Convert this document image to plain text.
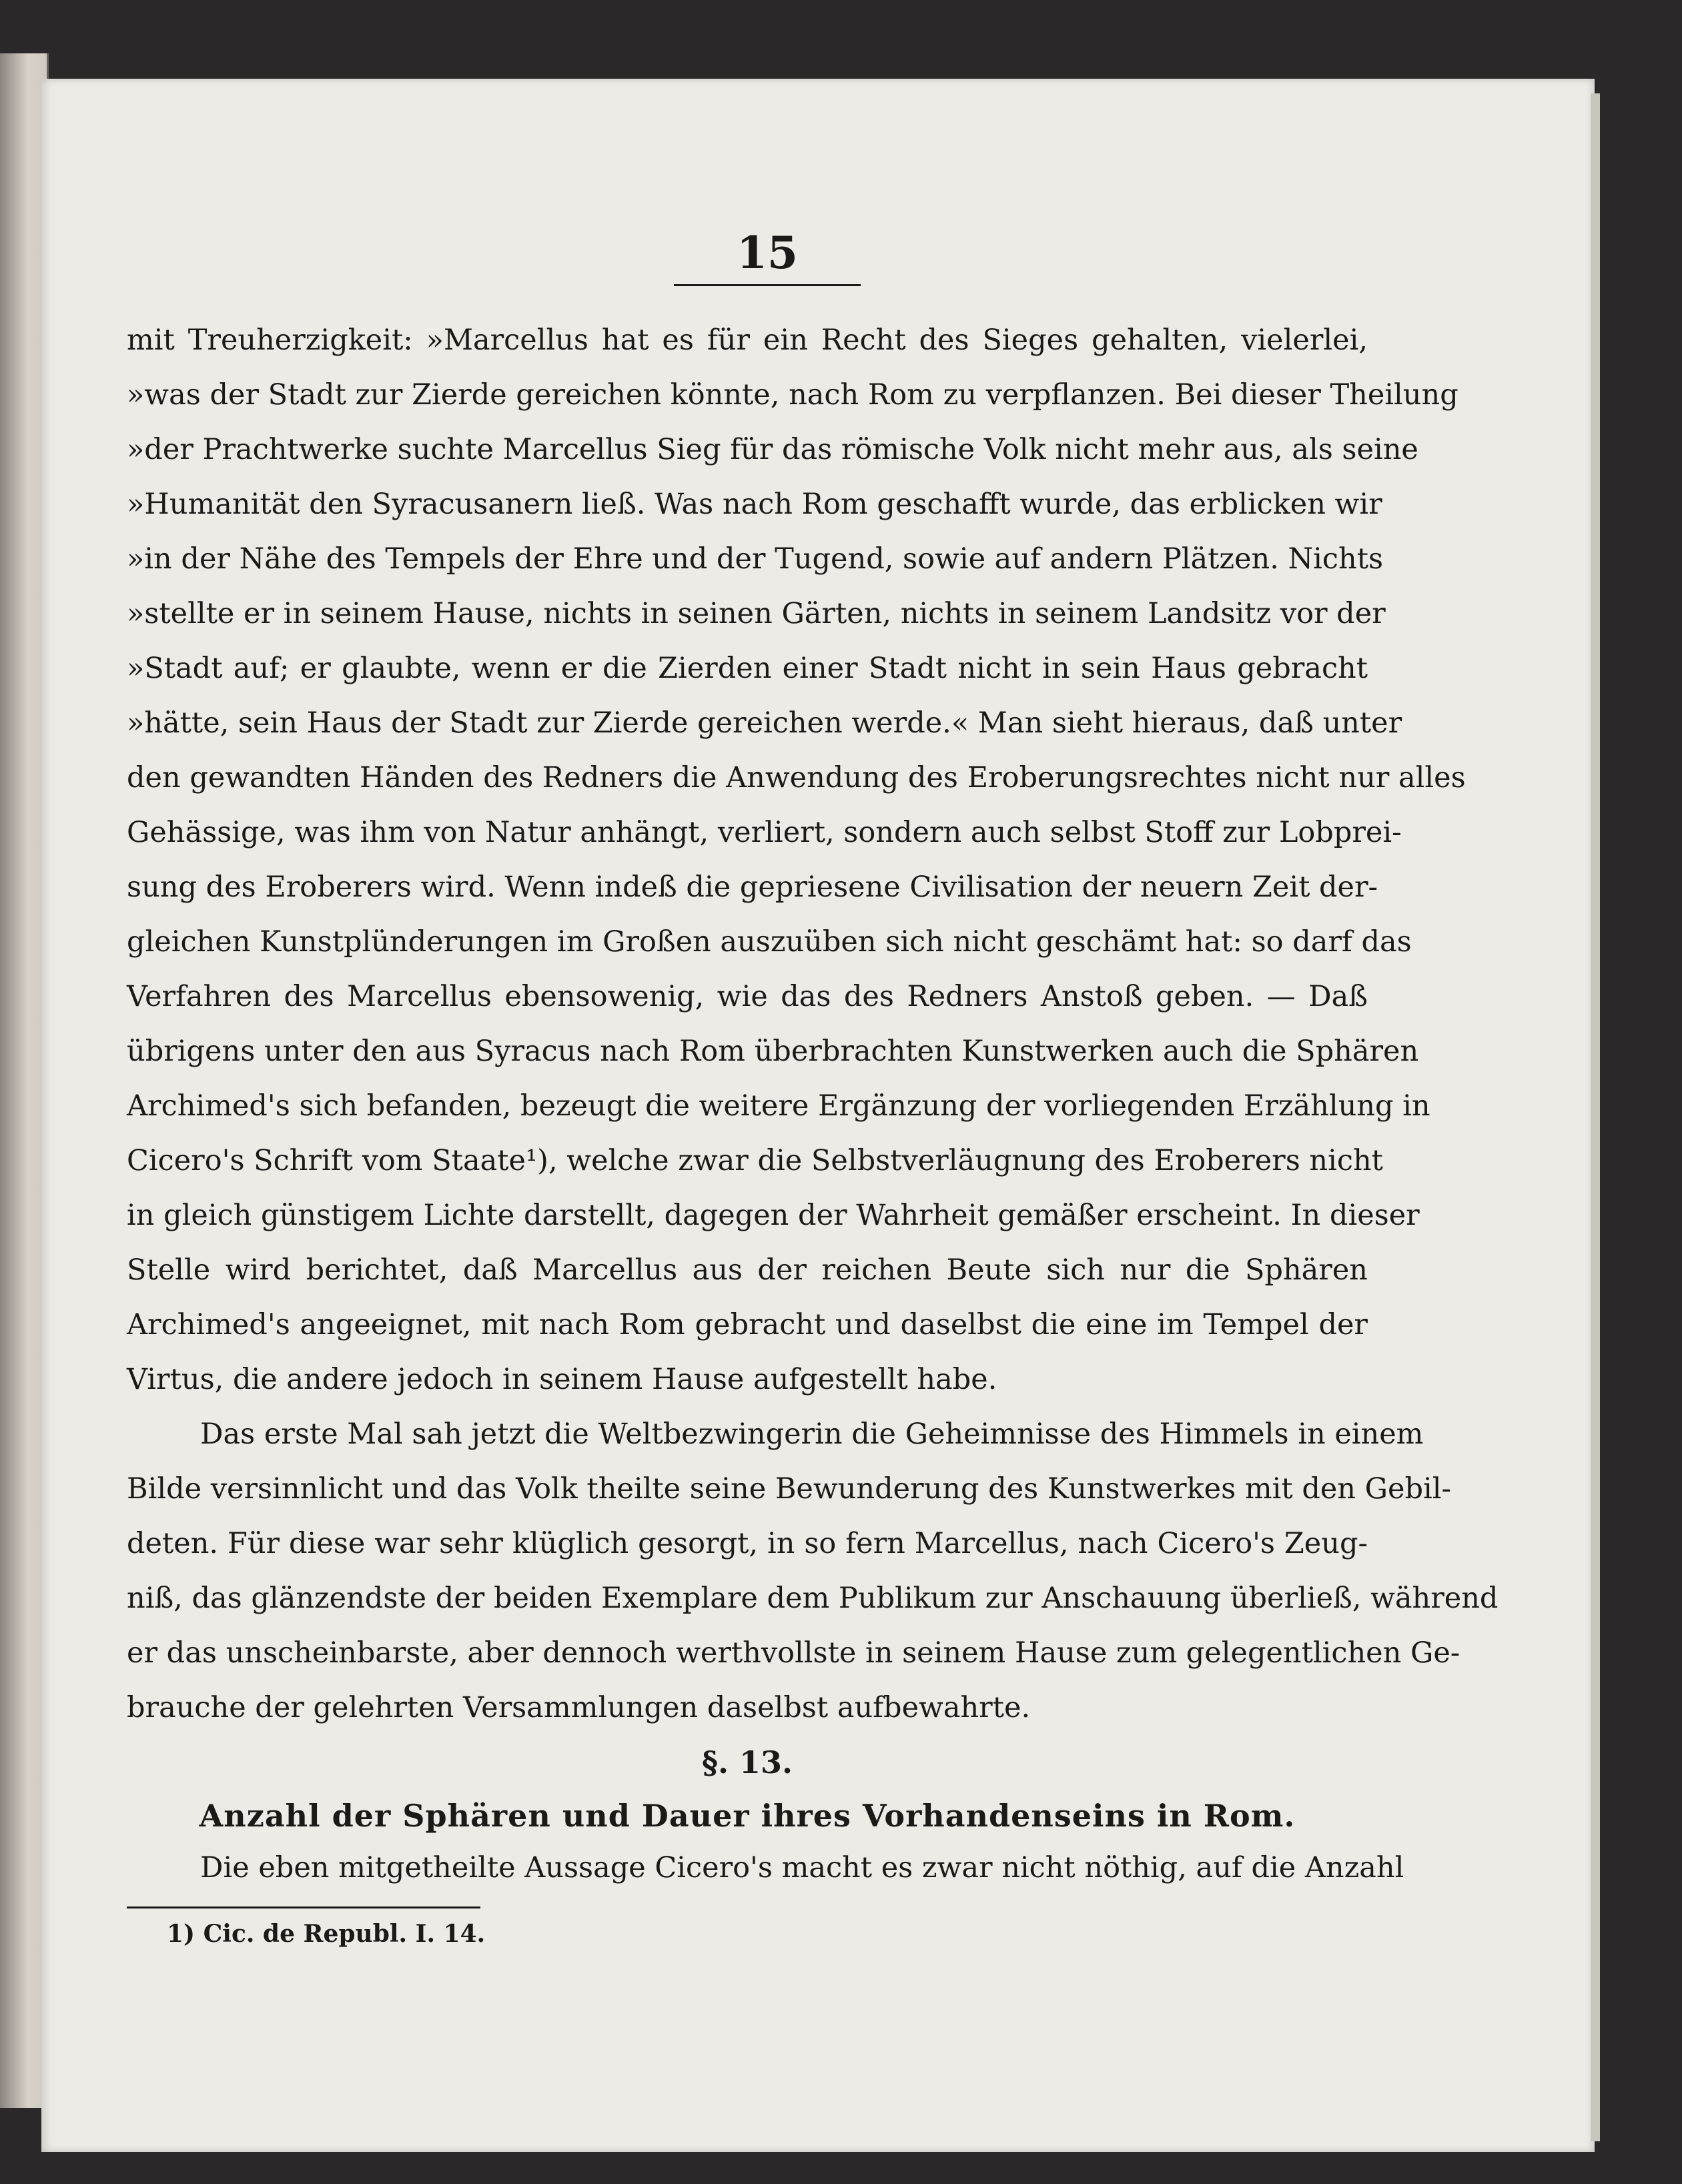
15
mit Treuherzigkeit: »Marcellus hat es für ein Recht des Sieges gehalten, vielerlei,
»was der Stadt zur Zierde gereichen könnte, nach Rom zu verpflanzen. Bei dieser Theilung
»der Prachtwerke suchte Marcellus Sieg für das römische Volk nicht mehr aus, als seine
»Humanität den Syracusanern ließ. Was nach Rom geschafft wurde, das erblicken wir
»in der Nähe des Tempels der Ehre und der Tugend, sowie auf andern Plätzen. Nichts
»stellte er in seinem Hause, nichts in seinen Gärten, nichts in seinem Landsitz vor der
»Stadt auf; er glaubte, wenn er die Zierden einer Stadt nicht in sein Haus gebracht
»hätte, sein Haus der Stadt zur Zierde gereichen werde.« Man sieht hieraus, daß unter
den gewandten Händen des Redners die Anwendung des Eroberungsrechtes nicht nur alles
Gehässige, was ihm von Natur anhängt, verliert, sondern auch selbst Stoff zur Lobprei-
sung des Eroberers wird. Wenn indeß die gepriesene Civilisation der neuern Zeit der-
gleichen Kunstplünderungen im Großen auszuüben sich nicht geschämt hat: so darf das
Verfahren des Marcellus ebensowenig, wie das des Redners Anstoß geben. — Daß
übrigens unter den aus Syracus nach Rom überbrachten Kunstwerken auch die Sphären
Archimed's sich befanden, bezeugt die weitere Ergänzung der vorliegenden Erzählung in
Cicero's Schrift vom Staate¹), welche zwar die Selbstverläugnung des Eroberers nicht
in gleich günstigem Lichte darstellt, dagegen der Wahrheit gemäßer erscheint. In dieser
Stelle wird berichtet, daß Marcellus aus der reichen Beute sich nur die Sphären
Archimed's angeeignet, mit nach Rom gebracht und daselbst die eine im Tempel der
Virtus, die andere jedoch in seinem Hause aufgestellt habe.
Das erste Mal sah jetzt die Weltbezwingerin die Geheimnisse des Himmels in einem
Bilde versinnlicht und das Volk theilte seine Bewunderung des Kunstwerkes mit den Gebil-
deten. Für diese war sehr klüglich gesorgt, in so fern Marcellus, nach Cicero's Zeug-
niß, das glänzendste der beiden Exemplare dem Publikum zur Anschauung überließ, während
er das unscheinbarste, aber dennoch werthvollste in seinem Hause zum gelegentlichen Ge-
brauche der gelehrten Versammlungen daselbst aufbewahrte.
§. 13.
Anzahl der Sphären und Dauer ihres Vorhandenseins in Rom.
Die eben mitgetheilte Aussage Cicero's macht es zwar nicht nöthig, auf die Anzahl
1) Cic. de Republ. I. 14.
